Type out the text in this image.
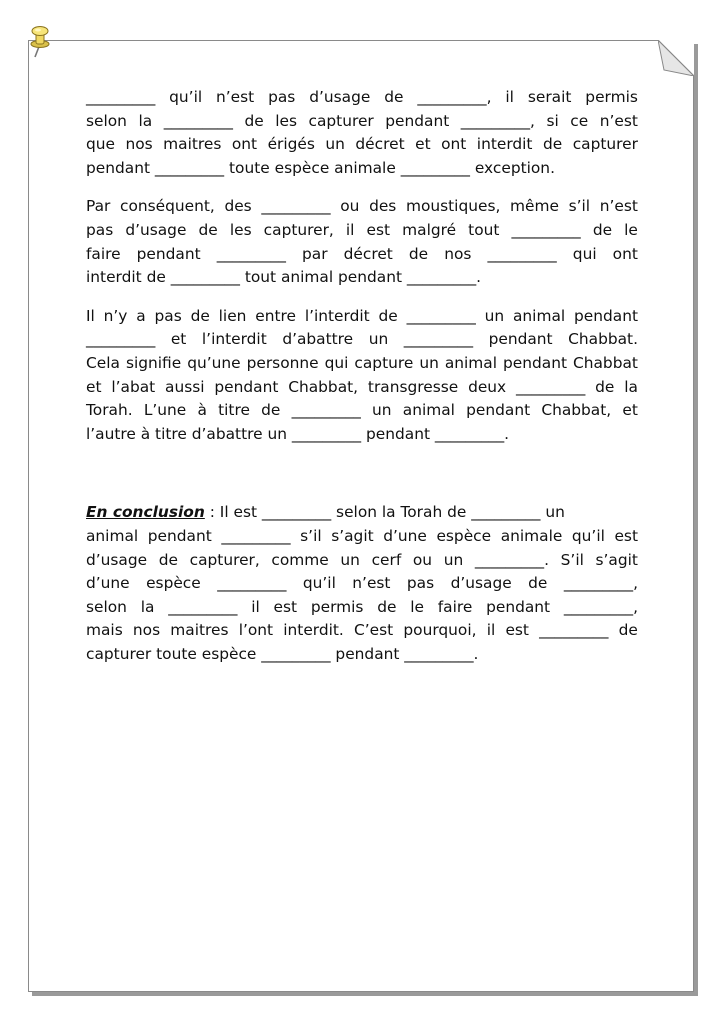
_________ qu’il n’est pas d’usage de _________, il serait permis
selon la _________ de les capturer pendant _________, si ce n’est
que nos maitres ont érigés un décret et ont interdit de capturer
pendant _________ toute espèce animale _________ exception.
Par conséquent, des _________ ou des moustiques, même s’il n’est
pas d’usage de les capturer, il est malgré tout _________ de le
faire pendant _________ par décret de nos _________ qui ont
interdit de _________ tout animal pendant _________.
Il n’y a pas de lien entre l’interdit de _________ un animal pendant
_________ et l’interdit d’abattre un _________ pendant Chabbat.
Cela signifie qu’une personne qui capture un animal pendant Chabbat
et l’abat aussi pendant Chabbat, transgresse deux _________ de la
Torah. L’une à titre de _________ un animal pendant Chabbat, et
l’autre à titre d’abattre un _________ pendant _________.
En conclusion : Il est _________ selon la Torah de _________ un
animal pendant _________ s’il s’agit d’une espèce animale qu’il est
d’usage de capturer, comme un cerf ou un _________. S’il s’agit
d’une espèce _________ qu’il n’est pas d’usage de _________,
selon la _________ il est permis de le faire pendant _________,
mais nos maitres l’ont interdit. C’est pourquoi, il est _________ de
capturer toute espèce _________ pendant _________.
